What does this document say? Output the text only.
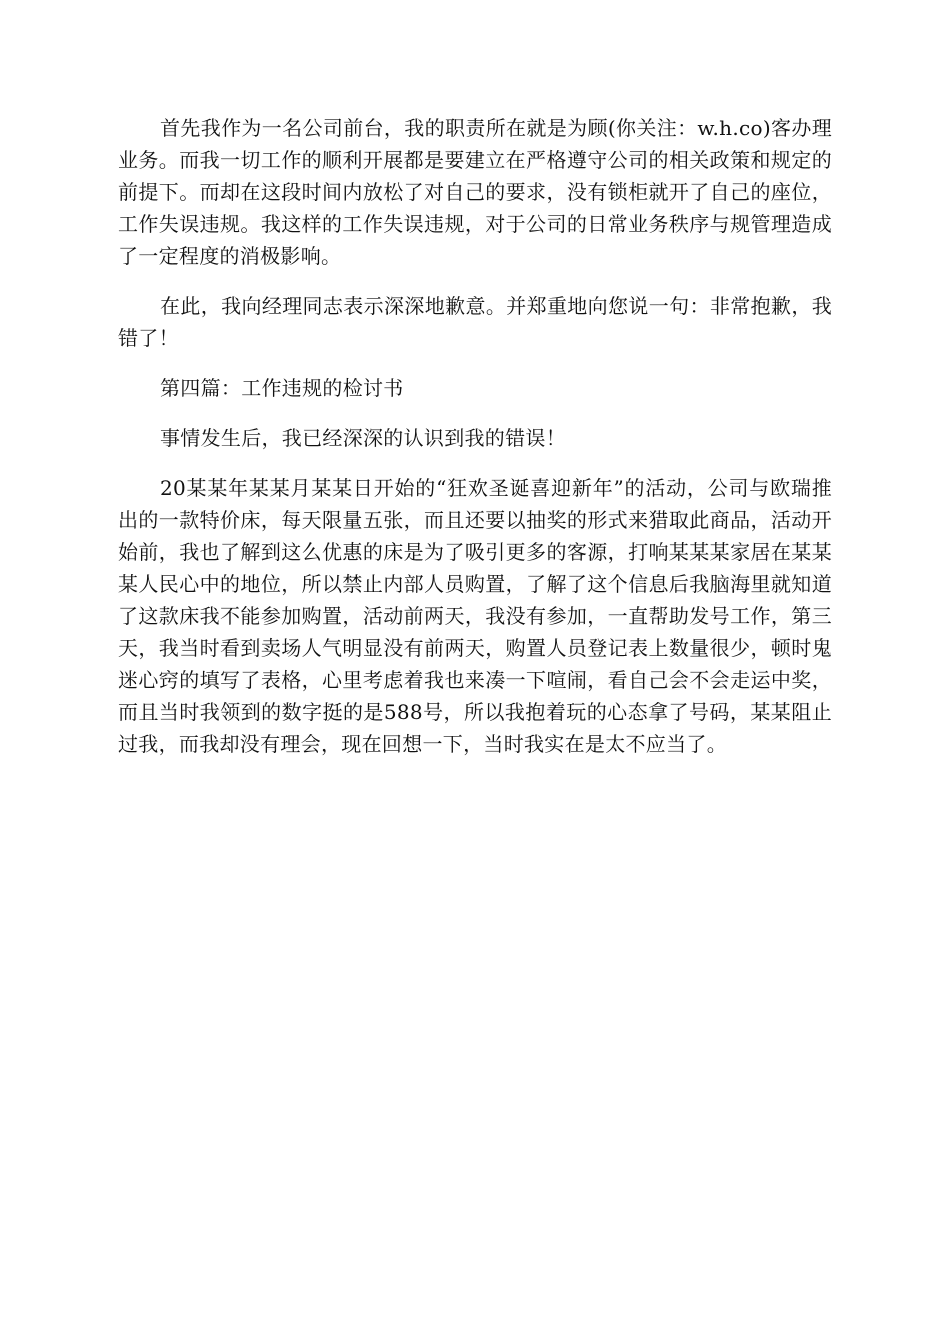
首先我作为一名公司前台，我的职责所在就是为顾(你关注：w.h.co)客办理业务。而我一切工作的顺利开展都是要建立在严格遵守公司的相关政策和规定的前提下。而却在这段时间内放松了对自己的要求，没有锁柜就开了自己的座位，工作失误违规。我这样的工作失误违规，对于公司的日常业务秩序与规管理造成了一定程度的消极影响。

在此，我向经理同志表示深深地歉意。并郑重地向您说一句：非常抱歉，我错了！

第四篇：工作违规的检讨书

事情发生后，我已经深深的认识到我的错误！

20某某年某某月某某日开始的“狂欢圣诞喜迎新年”的活动，公司与欧瑞推出的一款特价床，每天限量五张，而且还要以抽奖的形式来猎取此商品，活动开始前，我也了解到这么优惠的床是为了吸引更多的客源，打响某某某家居在某某某人民心中的地位，所以禁止内部人员购置，了解了这个信息后我脑海里就知道了这款床我不能参加购置，活动前两天，我没有参加，一直帮助发号工作，第三天，我当时看到卖场人气明显没有前两天，购置人员登记表上数量很少，顿时鬼迷心窍的填写了表格，心里考虑着我也来凑一下喧闹，看自己会不会走运中奖，而且当时我领到的数字挺的是588号，所以我抱着玩的心态拿了号码，某某阻止过我，而我却没有理会，现在回想一下，当时我实在是太不应当了。
